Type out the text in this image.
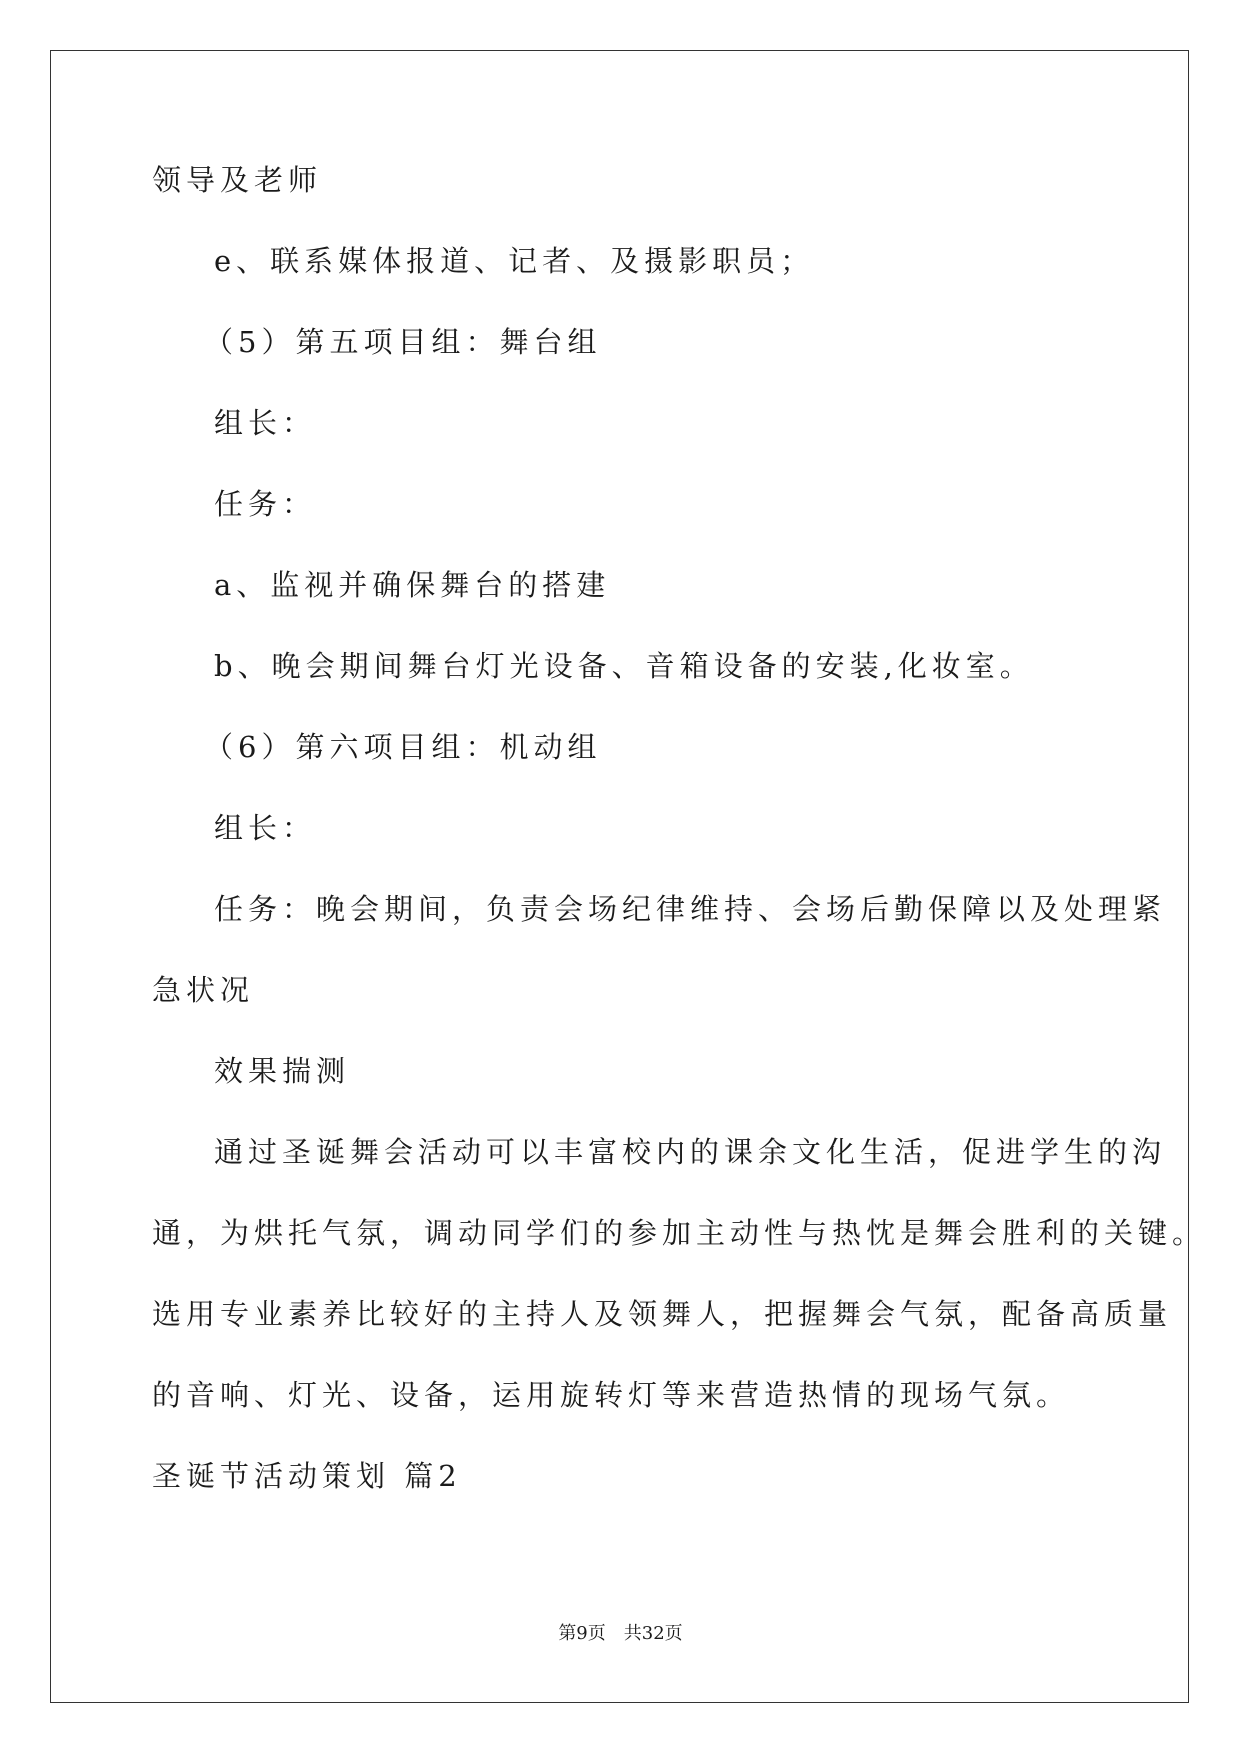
领导及老师
e、联系媒体报道、记者、及摄影职员；
（5）第五项目组：舞台组
组长：
任务：
a、监视并确保舞台的搭建
b、晚会期间舞台灯光设备、音箱设备的安装,化妆室。
（6）第六项目组：机动组
组长：
任务：晚会期间，负责会场纪律维持、会场后勤保障以及处理紧
急状况
效果揣测
通过圣诞舞会活动可以丰富校内的课余文化生活，促进学生的沟
通，为烘托气氛，调动同学们的参加主动性与热忱是舞会胜利的关键。
选用专业素养比较好的主持人及领舞人，把握舞会气氛，配备高质量
的音响、灯光、设备，运用旋转灯等来营造热情的现场气氛。
圣诞节活动策划 篇2
第9页 共32页
